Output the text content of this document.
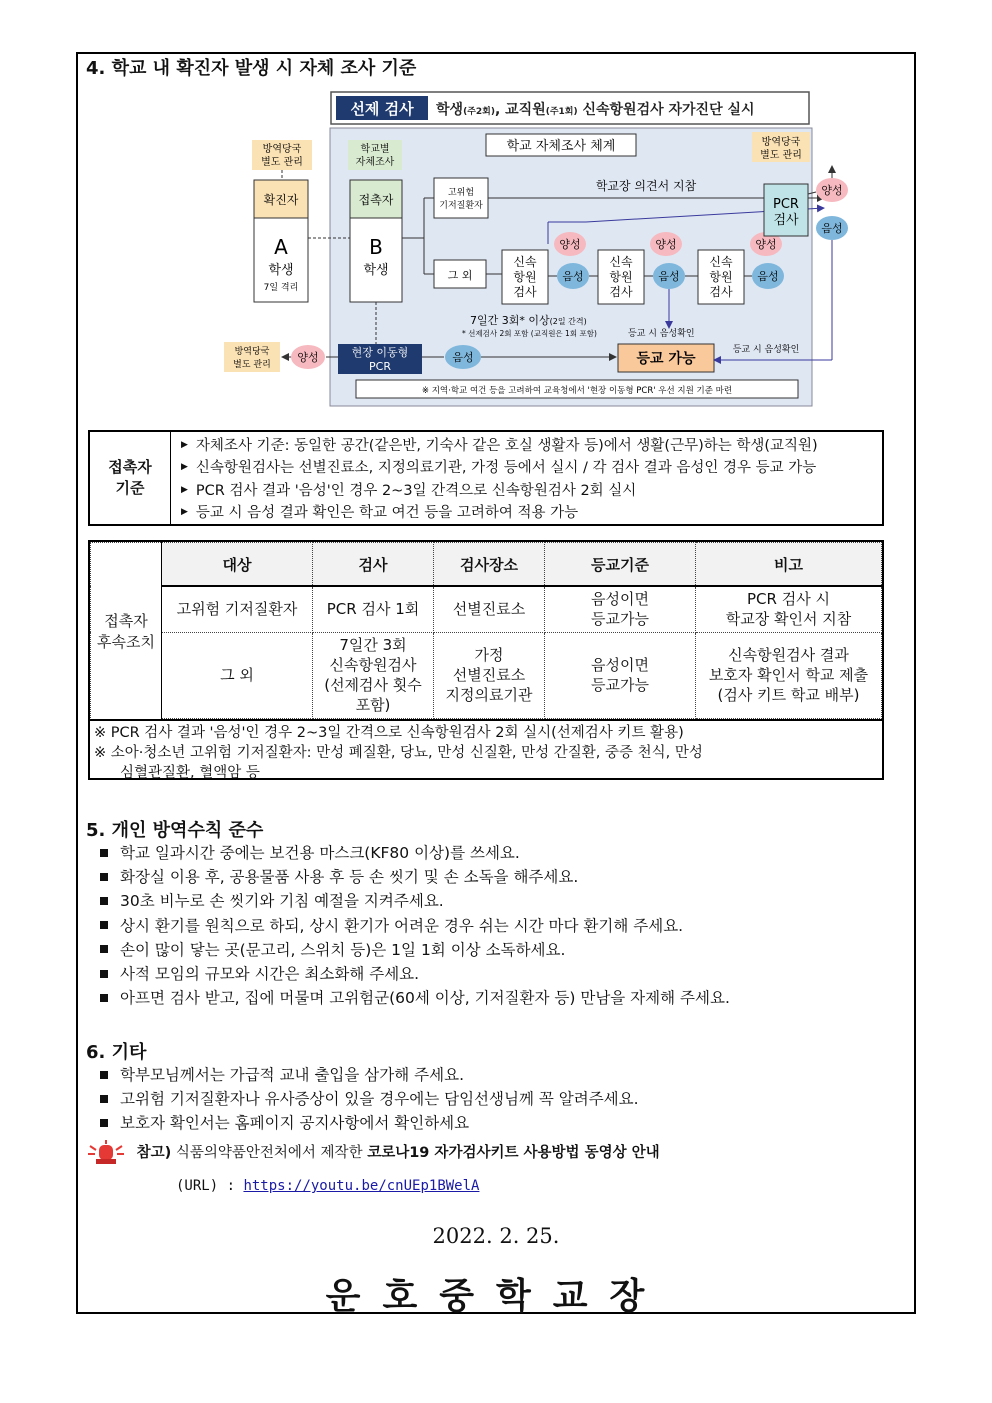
4. 학교 내 확진자 발생 시 자체 조사 기준
선제 검사 학생(주2회), 교직원(주1회) 신속항원검사 자가진단 실시
학교 자체조사 체계
방역당국
별도 관리
확진자
A
학생
7일 격리
학교별
자체조사
접촉자
B
학생
고위험
기저질환자
그 외
학교장 의견서 지참
신속
항원
검사
신속
항원
검사
신속
항원
검사
음성	음성	음성
양성	양성	양성
PCR
검사
방역당국
별도 관리
방역당국
별도 관리
양성	현장 이동형
PCR
음성	등교 가능
7일간 3회* 이상(2일 간격)
* 선제검사 2회 포함 (교직원은 1회 포함)	등교 시 음성확인
음성
양성
등교 시 음성확인
※ 지역·학교 여건 등을 고려하여 교육청에서 '현장 이동형 PCR' 우선 지원 기준 마련
접촉자
기준
▶ 자체조사 기준: 동일한 공간(같은반, 기숙사 같은 호실 생활자 등)에서 생활(근무)하는 학생(교직원)
▶ 신속항원검사는 선별진료소, 지정의료기관, 가정 등에서 실시 / 각 검사 결과 음성인 경우 등교 가능
▶ PCR 검사 결과 '음성'인 경우 2~3일 간격으로 신속항원검사 2회 실시
▶ 등교 시 음성 결과 확인은 학교 여건 등을 고려하여 적용 가능
접촉자
후속조치	대상	검사	검사장소	등교기준	비고
	고위험 기저질환자	PCR 검사 1회	선별진료소	음성이면
등교가능	PCR 검사 시
학교장 확인서 지참
	그 외	7일간 3회
신속항원검사
(선제검사 횟수
포함)	가정
선별진료소
지정의료기관	음성이면
등교가능	신속항원검사 결과
보호자 확인서 학교 제출
(검사 키트 학교 배부)
※ PCR 검사 결과 '음성'인 경우 2~3일 간격으로 신속항원검사 2회 실시(선제검사 키트 활용)
※ 소아·청소년 고위험 기저질환자: 만성 폐질환, 당뇨, 만성 신질환, 만성 간질환, 중증 천식, 만성
심혈관질환, 혈액암 등
5. 개인 방역수칙 준수
학교 일과시간 중에는 보건용 마스크(KF80 이상)를 쓰세요.
화장실 이용 후, 공용물품 사용 후 등 손 씻기 및 손 소독을 해주세요.
30초 비누로 손 씻기와 기침 예절을 지켜주세요.
상시 환기를 원칙으로 하되, 상시 환기가 어려운 경우 쉬는 시간 마다 환기해 주세요.
손이 많이 닿는 곳(문고리, 스위치 등)은 1일 1회 이상 소독하세요.
사적 모임의 규모와 시간은 최소화해 주세요.
아프면 검사 받고, 집에 머물며 고위험군(60세 이상, 기저질환자 등) 만남을 자제해 주세요.
6. 기타
학부모님께서는 가급적 교내 출입을 삼가해 주세요.
고위험 기저질환자나 유사증상이 있을 경우에는 담임선생님께 꼭 알려주세요.
보호자 확인서는 홈페이지 공지사항에서 확인하세요
참고) 식품의약품안전처에서 제작한 코로나19 자가검사키트 사용방법 동영상 안내
(URL) : https://youtu.be/cnUEp1BWelA
2022. 2. 25.
운호중학교장
